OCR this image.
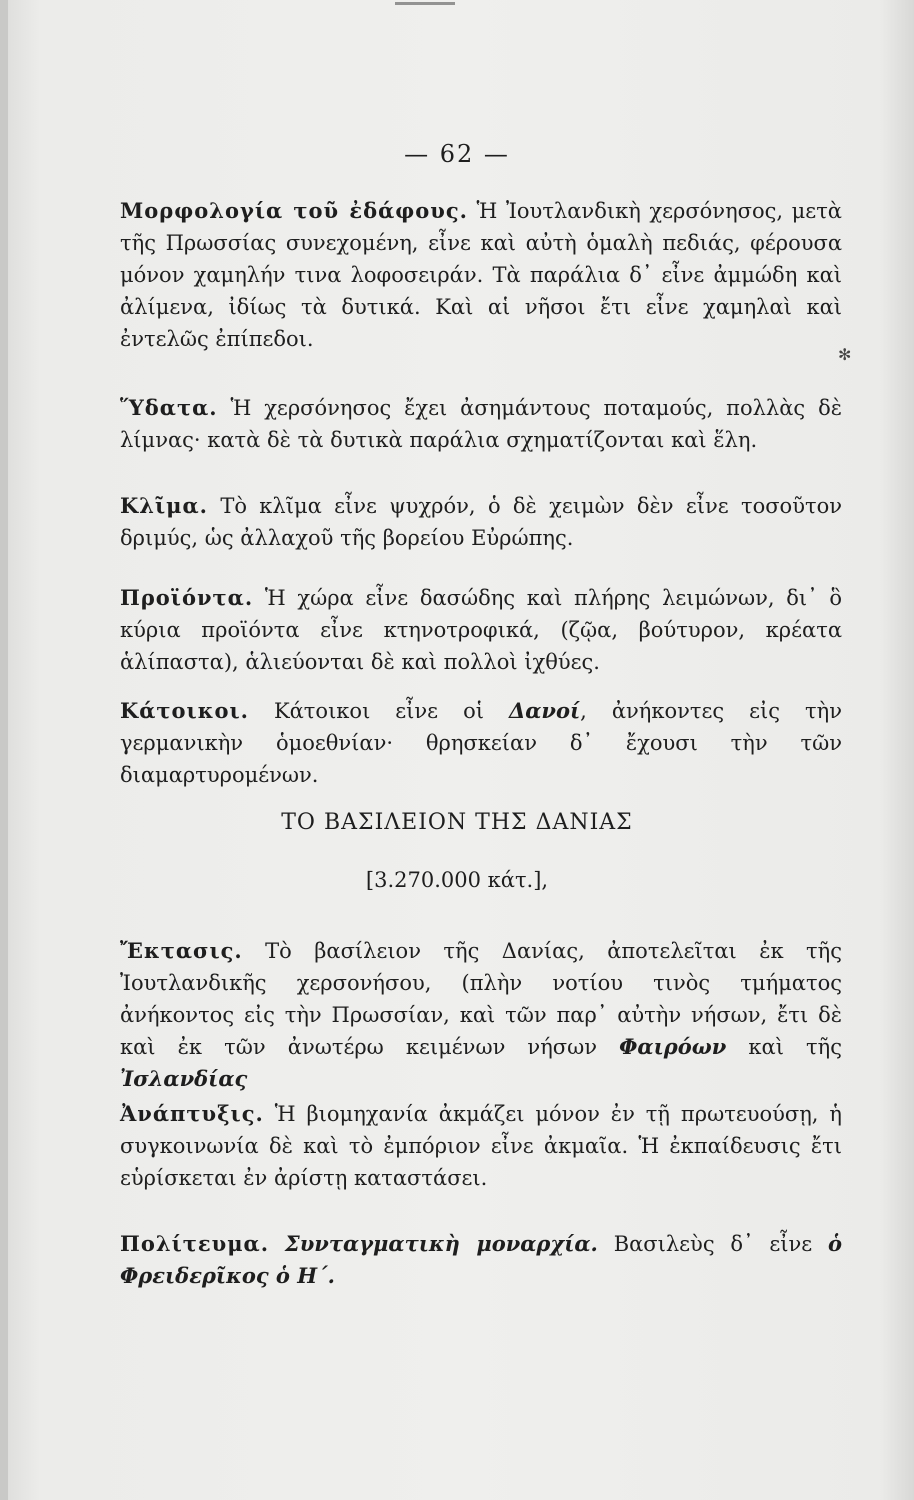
— 62 —
Μορφολογία τοῦ ἐδάφους. Ἡ Ἰουτλανδικὴ χερσόνησος, μετὰ τῆς Πρωσσίας συνεχομένη, εἶνε καὶ αὐτὴ ὁμαλὴ πεδιάς, φέρουσα μόνον χαμηλήν τινα λοφοσειράν. Τὰ παράλια δ᾽ εἶνε ἀμμώδη καὶ ἀλίμενα, ἰδίως τὰ δυτικά. Καὶ αἱ νῆσοι ἔτι εἶνε χαμηλαὶ καὶ ἐντελῶς ἐπίπεδοι.
✻
Ὕδατα. Ἡ χερσόνησος ἔχει ἀσημάντους ποταμούς, πολλὰς δὲ λίμνας· κατὰ δὲ τὰ δυτικὰ παράλια σχηματίζονται καὶ ἕλη.
Κλῖμα. Τὸ κλῖμα εἶνε ψυχρόν, ὁ δὲ χειμὼν δὲν εἶνε τοσοῦτον δριμύς, ὡς ἀλλαχοῦ τῆς βορείου Εὐρώπης.
Προϊόντα. Ἡ χώρα εἶνε δασώδης καὶ πλήρης λειμώνων, δι᾽ ὃ κύρια προϊόντα εἶνε κτηνοτροφικά, (ζῷα, βούτυρον, κρέατα ἁλίπαστα), ἁλιεύονται δὲ καὶ πολλοὶ ἰχθύες.
Κάτοικοι. Κάτοικοι εἶνε οἱ Δανοί, ἀνήκοντες εἰς τὴν γερμανικὴν ὁμοεθνίαν· θρησκείαν δ᾽ ἔχουσι τὴν τῶν διαμαρτυρομένων.
ΤΟ ΒΑΣΙΛΕΙΟΝ ΤΗΣ ΔΑΝΙΑΣ
[3.270.000 κάτ.],
Ἔκτασις. Τὸ βασίλειον τῆς Δανίας, ἀποτελεῖται ἐκ τῆς Ἰουτλανδικῆς χερσονήσου, (πλὴν νοτίου τινὸς τμήματος ἀνήκοντος εἰς τὴν Πρωσσίαν, καὶ τῶν παρ᾽ αὐτὴν νήσων, ἔτι δὲ καὶ ἐκ τῶν ἀνωτέρω κειμένων νήσων Φαιρόων καὶ τῆς Ἰσλανδίας
Ἀνάπτυξις. Ἡ βιομηχανία ἀκμάζει μόνον ἐν τῇ πρωτευούσῃ, ἡ συγκοινωνία δὲ καὶ τὸ ἐμπόριον εἶνε ἀκμαῖα. Ἡ ἐκπαίδευσις ἔτι εὑρίσκεται ἐν ἀρίστῃ καταστάσει.
Πολίτευμα. Συνταγματικὴ μοναρχία. Βασιλεὺς δ᾽ εἶνε ὁ Φρειδερῖκος ὁ Η΄.
